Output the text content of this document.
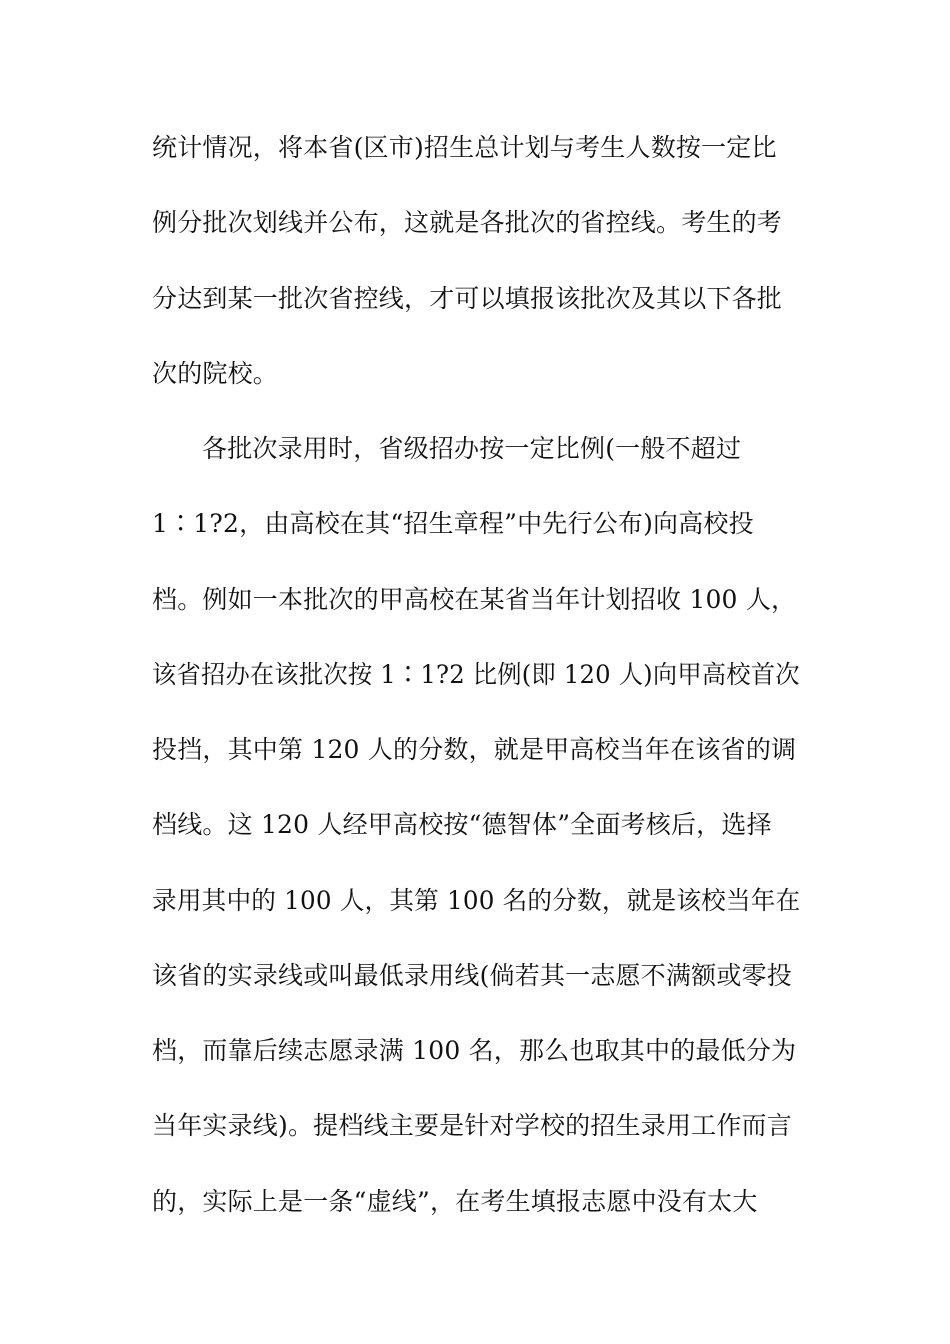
统计情况，将本省(区市)招生总计划与考生人数按一定比
例分批次划线并公布，这就是各批次的省控线。考生的考
分达到某一批次省控线，才可以填报该批次及其以下各批
次的院校。
各批次录用时，省级招办按一定比例(一般不超过
1∶1?2，由高校在其“招生章程”中先行公布)向高校投
档。例如一本批次的甲高校在某省当年计划招收 100 人，
该省招办在该批次按 1∶1?2 比例(即 120 人)向甲高校首次
投挡，其中第 120 人的分数，就是甲高校当年在该省的调
档线。这 120 人经甲高校按“德智体”全面考核后，选择
录用其中的 100 人，其第 100 名的分数，就是该校当年在
该省的实录线或叫最低录用线(倘若其一志愿不满额或零投
档，而靠后续志愿录满 100 名，那么也取其中的最低分为
当年实录线)。提档线主要是针对学校的招生录用工作而言
的，实际上是一条“虚线”，在考生填报志愿中没有太大
